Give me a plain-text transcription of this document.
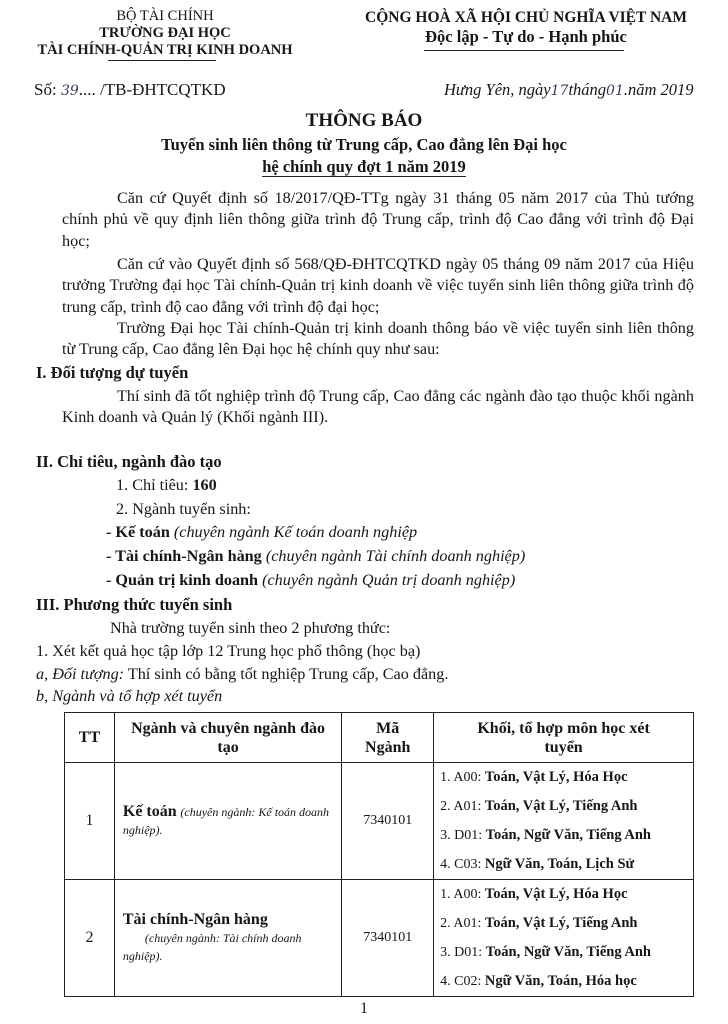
BỘ TÀI CHÍNH
TRƯỜNG ĐẠI HỌC
TÀI CHÍNH-QUẢN TRỊ KINH DOANH
CỘNG HOÀ XÃ HỘI CHỦ NGHĨA VIỆT NAM
Độc lập - Tự do - Hạnh phúc
Số: 39.... /TB-ĐHTCQTKD	Hưng Yên, ngày17tháng01.năm 2019
THÔNG BÁO
Tuyển sinh liên thông từ Trung cấp, Cao đẳng lên Đại học
hệ chính quy đợt 1 năm 2019
Căn cứ Quyết định số 18/2017/QĐ-TTg ngày 31 tháng 05 năm 2017 của Thủ tướng chính phủ về quy định liên thông giữa trình độ Trung cấp, trình độ Cao đẳng với trình độ Đại học;
Căn cứ vào Quyết định số 568/QĐ-ĐHTCQTKD ngày 05 tháng 09 năm 2017 của Hiệu trưởng Trường đại học Tài chính-Quản trị kinh doanh về việc tuyển sinh liên thông giữa trình độ trung cấp, trình độ cao đẳng với trình độ đại học;
Trường Đại học Tài chính-Quản trị kinh doanh thông báo về việc tuyển sinh liên thông từ Trung cấp, Cao đẳng lên Đại học hệ chính quy như sau:
I. Đối tượng dự tuyển
Thí sinh đã tốt nghiệp trình độ Trung cấp, Cao đẳng các ngành đào tạo thuộc khối ngành Kinh doanh và Quản lý (Khối ngành III).
II. Chỉ tiêu, ngành đào tạo
1. Chỉ tiêu: 160
2. Ngành tuyển sinh:
- Kế toán (chuyên ngành Kế toán doanh nghiệp
- Tài chính-Ngân hàng (chuyên ngành Tài chính doanh nghiệp)
- Quản trị kinh doanh (chuyên ngành Quản trị doanh nghiệp)
III. Phương thức tuyển sinh
Nhà trường tuyển sinh theo 2 phương thức:
1. Xét kết quả học tập lớp 12 Trung học phổ thông (học bạ)
a, Đối tượng: Thí sinh có bằng tốt nghiệp Trung cấp, Cao đẳng.
b, Ngành và tổ hợp xét tuyển
TT	Ngành và chuyên ngành đào tạo	Mã Ngành	Khối, tổ hợp môn học xét tuyển
1	Kế toán (chuyên ngành: Kế toán doanh nghiệp).	7340101	1. A00: Toán, Vật Lý, Hóa Học
			2. A01: Toán, Vật Lý, Tiếng Anh
			3. D01: Toán, Ngữ Văn, Tiếng Anh
			4. C03: Ngữ Văn, Toán, Lịch Sử
2	Tài chính-Ngân hàng
(chuyên ngành: Tài chính doanh nghiệp).	7340101	1. A00: Toán, Vật Lý, Hóa Học
			2. A01: Toán, Vật Lý, Tiếng Anh
			3. D01: Toán, Ngữ Văn, Tiếng Anh
			4. C02: Ngữ Văn, Toán, Hóa học
1
